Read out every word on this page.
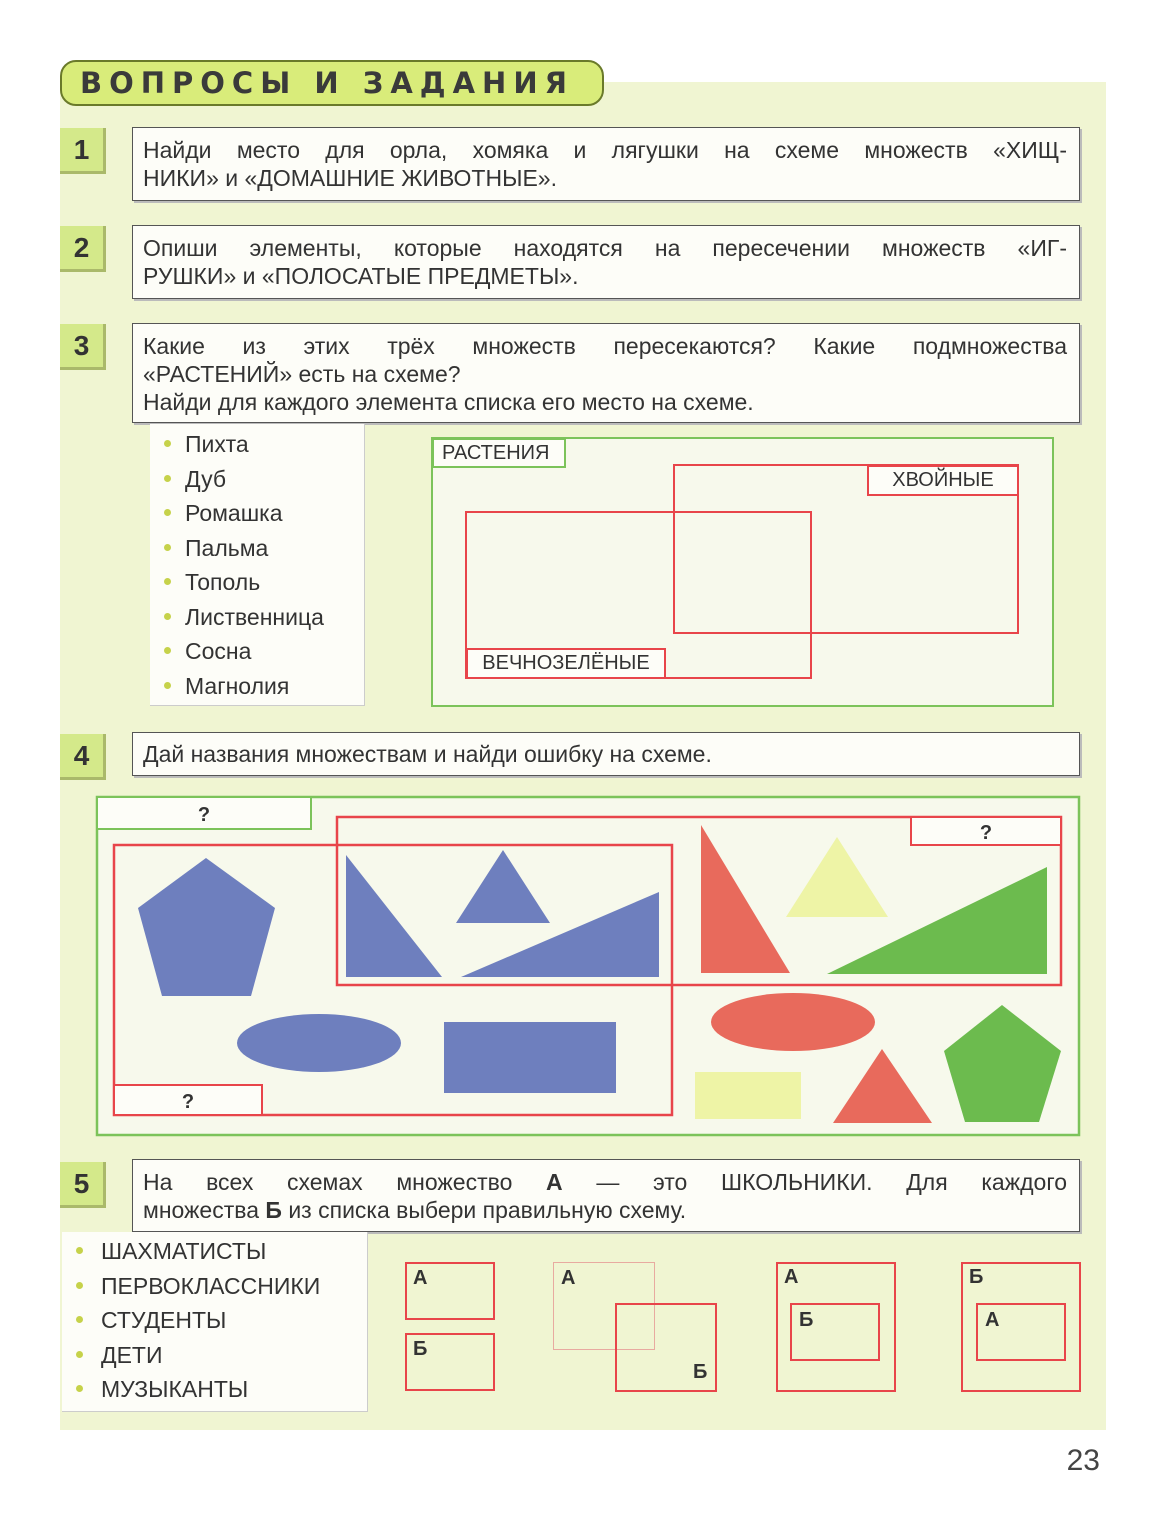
ВОПРОСЫ И ЗАДАНИЯ
1	Найди место для орла, хомяка и лягушки на схеме множеств «ХИЩ-
НИКИ» и «ДОМАШНИЕ ЖИВОТНЫЕ».
2	Опиши элементы, которые находятся на пересечении множеств «ИГ-
РУШКИ» и «ПОЛОСАТЫЕ ПРЕДМЕТЫ».
3	Какие из этих трёх множеств пересекаются? Какие подмножества
«РАСТЕНИЙ» есть на схеме?
Найди для каждого элемента списка его место на схеме.
Пихта
Дуб
Ромашка
Пальма
Тополь
Лиственница
Сосна
Магнолия
РАСТЕНИЯ
ХВОЙНЫЕ
ВЕЧНОЗЕЛЁНЫЕ
4	Дай названия множествам и найди ошибку на схеме.
?
?
?
5	На всех схемах множество А — это ШКОЛЬНИКИ. Для каждого
множества Б из списка выбери правильную схему.
ШАХМАТИСТЫ
ПЕРВОКЛАССНИКИ
СТУДЕНТЫ
ДЕТИ
МУЗЫКАНТЫ
А
Б
А
Б
А
Б
Б
А
23
